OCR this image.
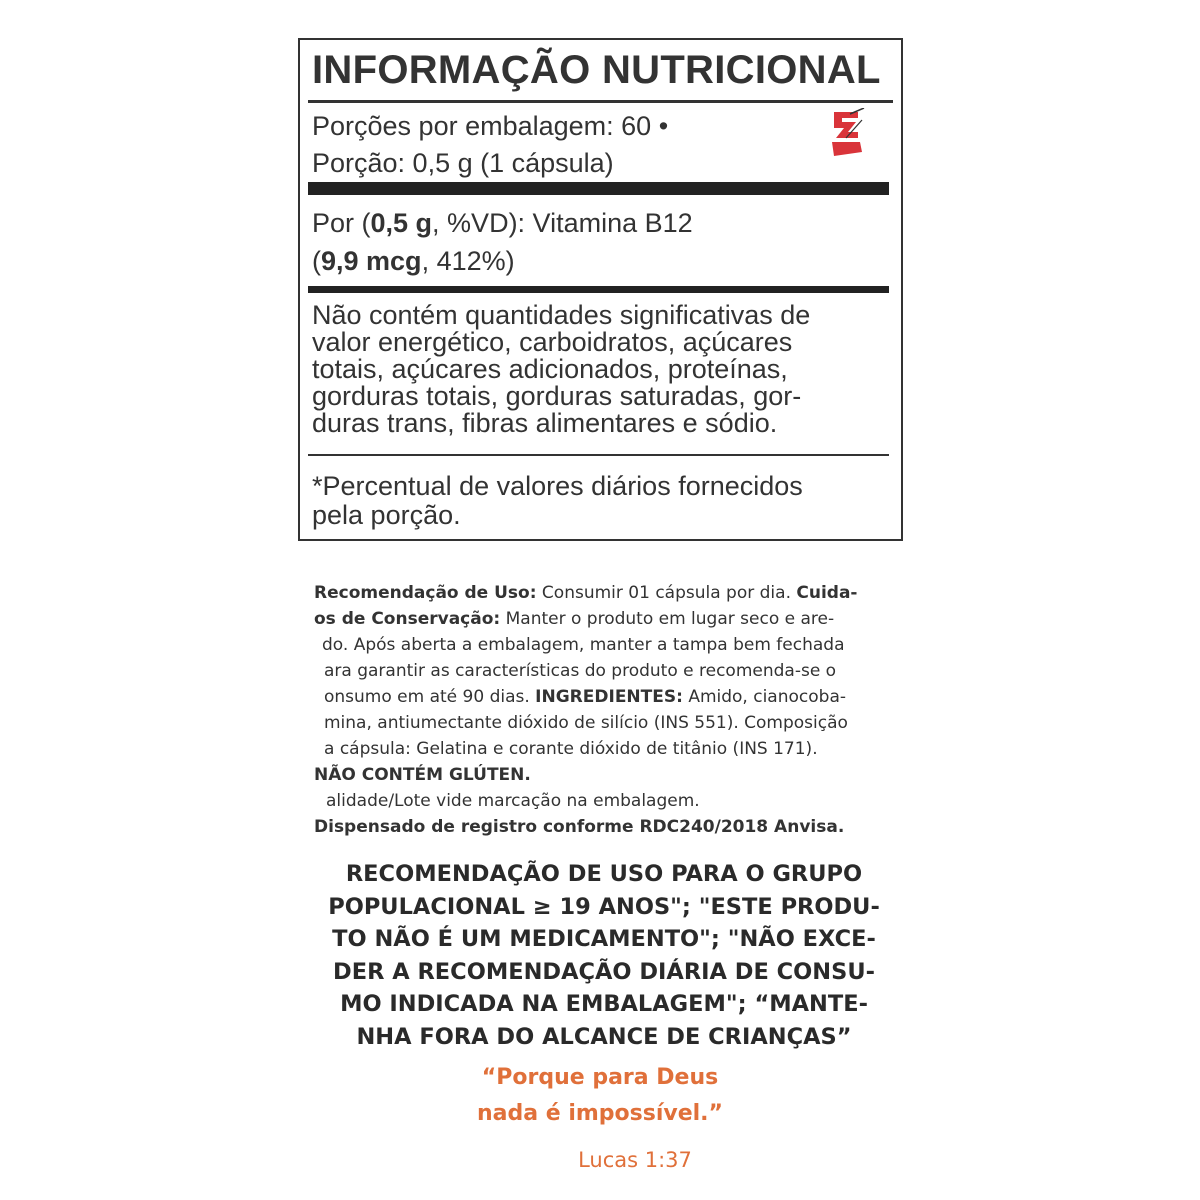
INFORMAÇÃO NUTRICIONAL
Porções por embalagem: 60 •
Porção: 0,5 g (1 cápsula)
Por (0,5 g, %VD): Vitamina B12
(9,9 mcg, 412%)
Não contém quantidades significativas de
valor energético, carboidratos, açúcares
totais, açúcares adicionados, proteínas,
gorduras totais, gorduras saturadas, gor-
duras trans, fibras alimentares e sódio.
*Percentual de valores diários fornecidos
pela porção.

Recomendação de Uso: Consumir 01 cápsula por dia. Cuida-

os de Conservação: Manter o produto em lugar seco e are-

do. Após aberta a embalagem, manter a tampa bem fechada

ara garantir as características do produto e recomenda-se o

onsumo em até 90 dias. INGREDIENTES: Amido, cianocoba-

mina, antiumectante dióxido de silício (INS 551). Composição

a cápsula: Gelatina e corante dióxido de titânio (INS 171).

NÃO CONTÉM GLÚTEN.

alidade/Lote vide marcação na embalagem.

Dispensado de registro conforme RDC240/2018 Anvisa.

RECOMENDAÇÃO DE USO PARA O GRUPO

POPULACIONAL ≥ 19 ANOS"; "ESTE PRODU-

TO NÃO É UM MEDICAMENTO"; "NÃO EXCE-

DER A RECOMENDAÇÃO DIÁRIA DE CONSU-

MO INDICADA NA EMBALAGEM"; “MANTE-

NHA FORA DO ALCANCE DE CRIANÇAS”

“Porque para Deus
nada é impossível.”
Lucas 1:37
